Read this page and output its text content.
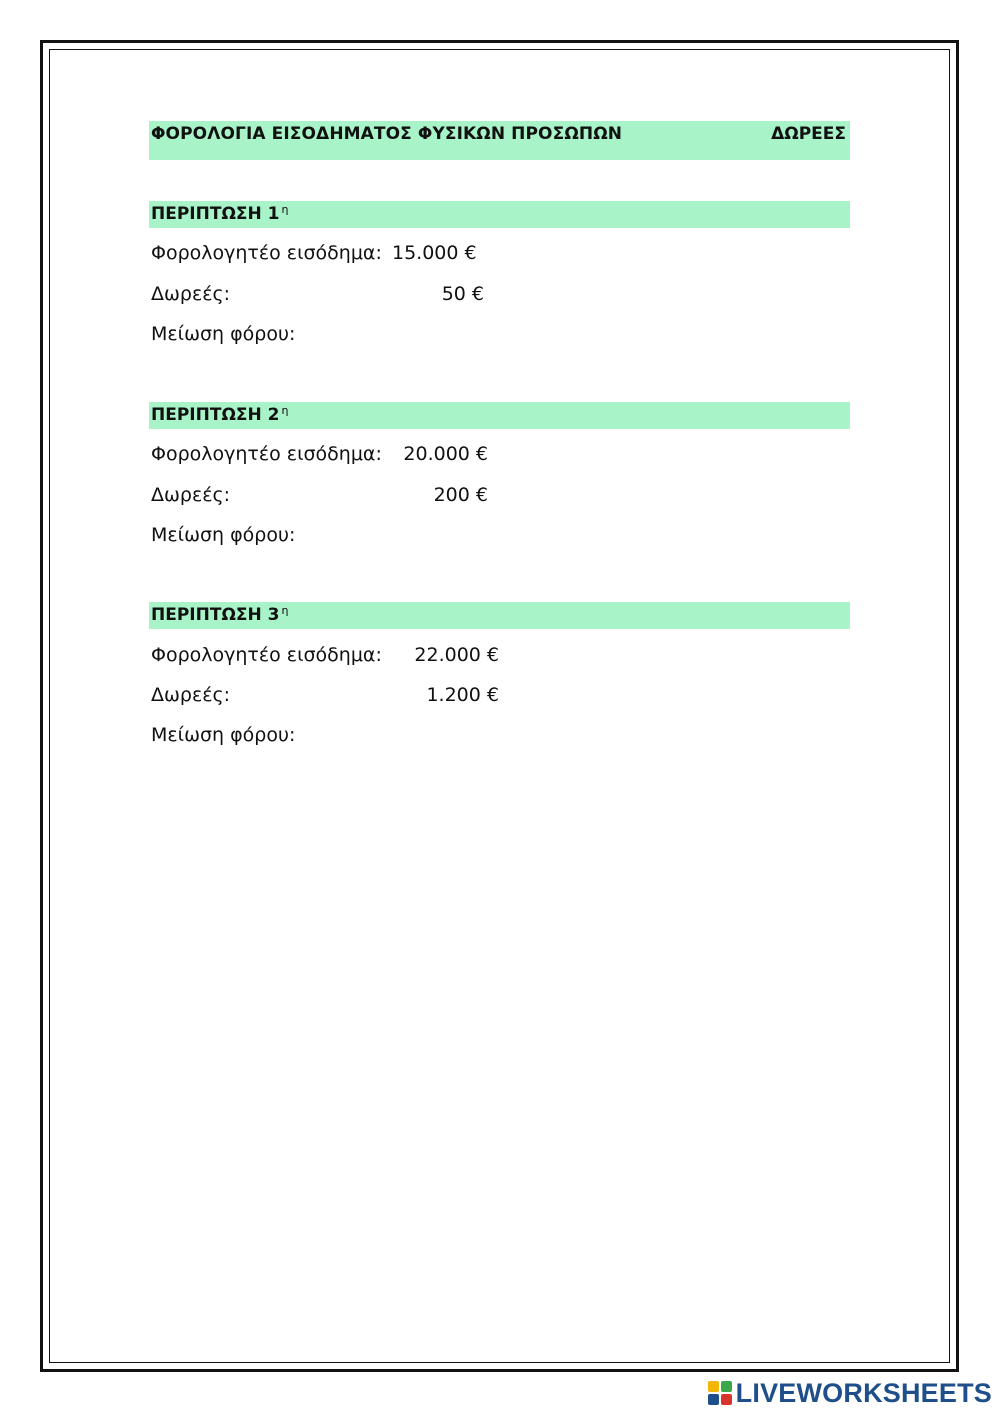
ΦΟΡΟΛΟΓΙΑ ΕΙΣΟΔΗΜΑΤΟΣ ΦΥΣΙΚΩΝ ΠΡΟΣΩΠΩΝ	ΔΩΡΕΕΣ
ΠΕΡΙΠΤΩΣΗ 1 $^\eta$
Φορολογητέο εισόδημα: 15.000 €
Δωρεές:	50 €
Μείωση φόρου:
ΠΕΡΙΠΤΩΣΗ 2 $^\eta$
Φορολογητέο εισόδημα: 20.000 €
Δωρεές:	200 €
Μείωση φόρου:
ΠΕΡΙΠΤΩΣΗ 3 $^\eta$
Φορολογητέο εισόδημα: 22.000 €
Δωρεές:	1.200 €
Μείωση φόρου:
LIVEWORKSHEETS
